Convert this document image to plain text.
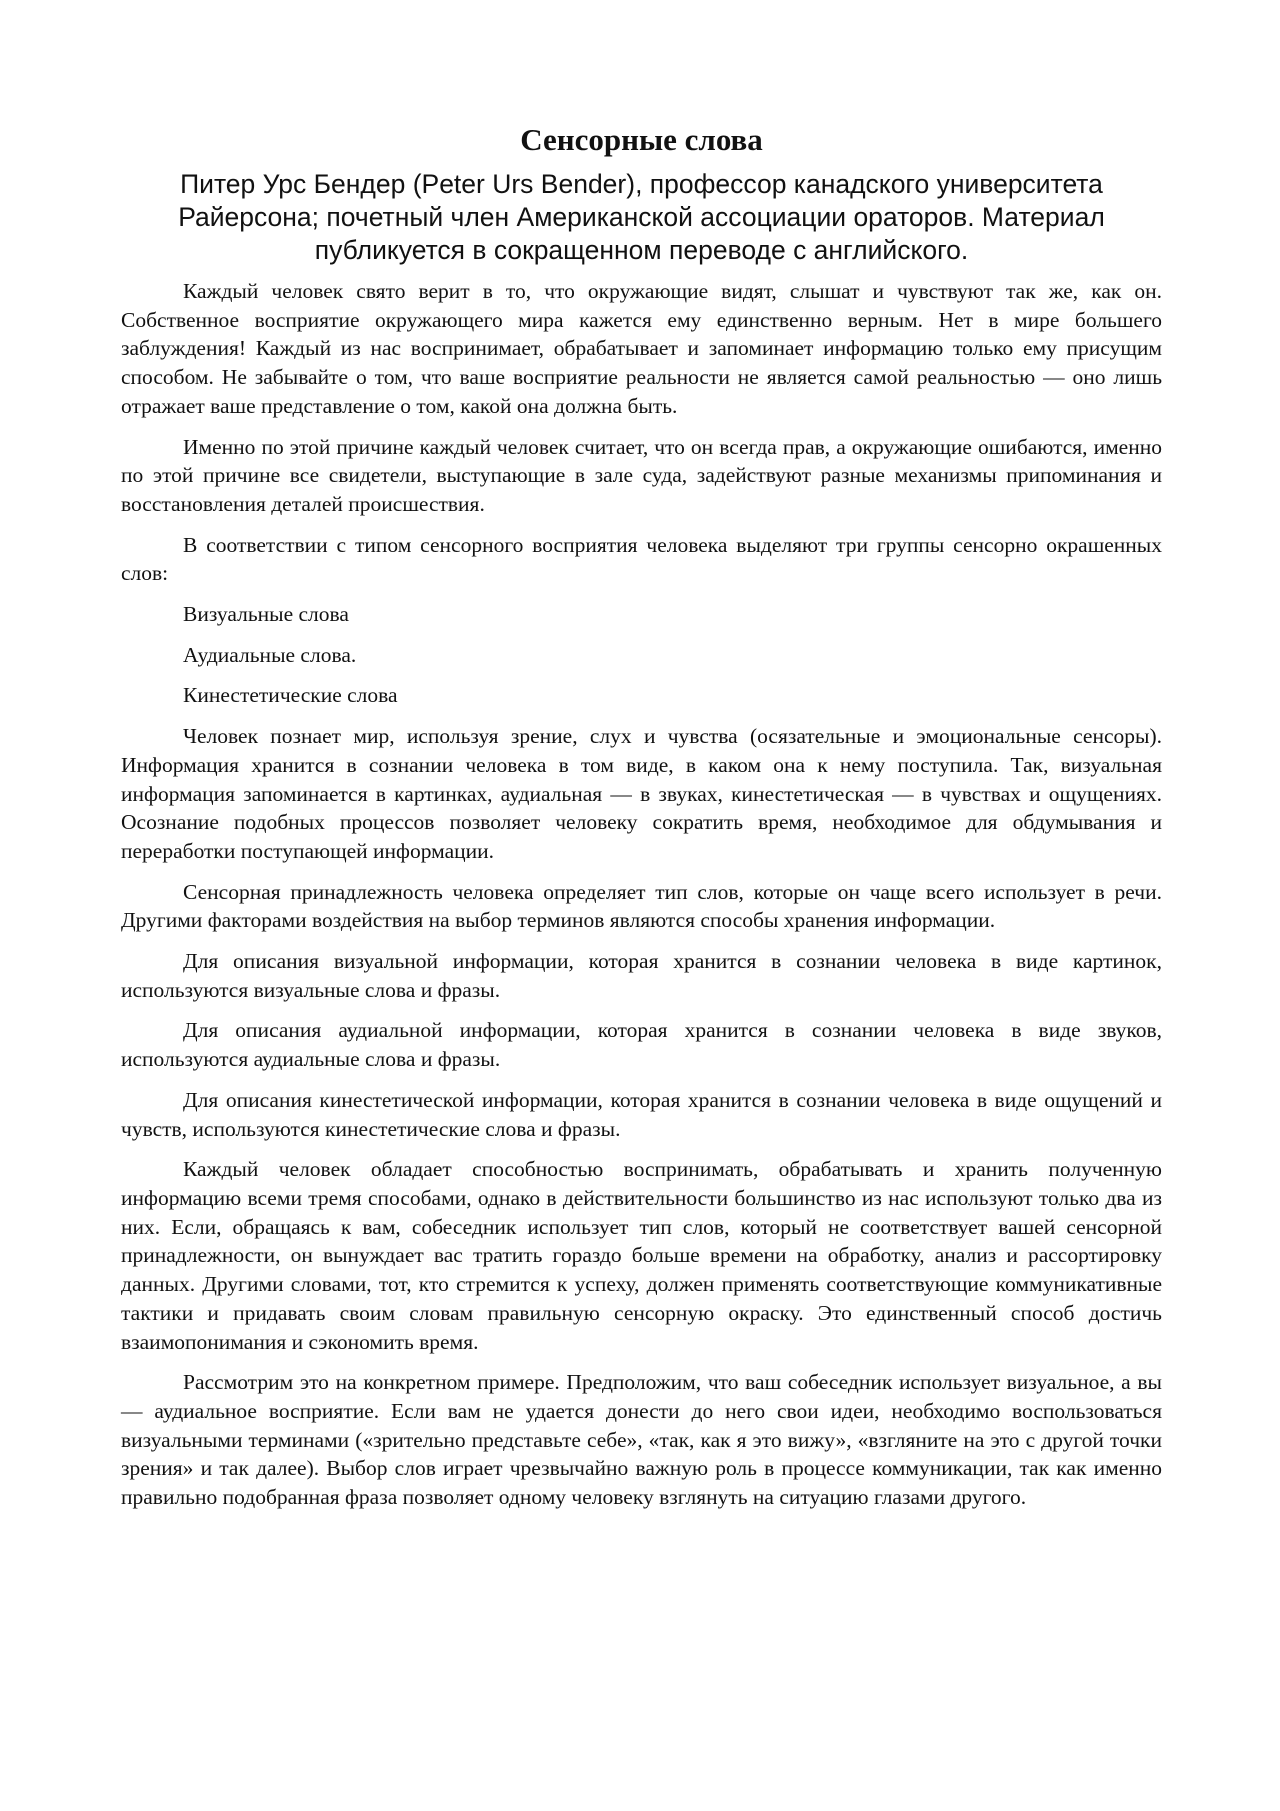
Сенсорные слова

Питер Урс Бендер (Peter Urs Bender), профессор канадского университета Райерсона; почетный член Американской ассоциации ораторов. Материал публикуется в сокращенном переводе с английского.

Каждый человек свято верит в то, что окружающие видят, слышат и чувствуют так же, как он. Собственное восприятие окружающего мира кажется ему единственно верным. Нет в мире большего заблуждения! Каждый из нас воспринимает, обрабатывает и запоминает информацию только ему присущим способом. Не забывайте о том, что ваше восприятие реальности не является самой реальностью — оно лишь отражает ваше представление о том, какой она должна быть.

Именно по этой причине каждый человек считает, что он всегда прав, а окружающие ошибаются, именно по этой причине все свидетели, выступающие в зале суда, задействуют разные механизмы припоминания и восстановления деталей происшествия.

В соответствии с типом сенсорного восприятия человека выделяют три группы сенсорно окрашенных слов:

Визуальные слова

Аудиальные слова.

Кинестетические слова

Человек познает мир, используя зрение, слух и чувства (осязательные и эмоциональные сенсоры). Информация хранится в сознании человека в том виде, в каком она к нему поступила. Так, визуальная информация запоминается в картинках, аудиальная — в звуках, кинестетическая — в чувствах и ощущениях. Осознание подобных процессов позволяет человеку сократить время, необходимое для обдумывания и переработки поступающей информации.

Сенсорная принадлежность человека определяет тип слов, которые он чаще всего использует в речи. Другими факторами воздействия на выбор терминов являются способы хранения информации.

Для описания визуальной информации, которая хранится в сознании человека в виде картинок, используются визуальные слова и фразы.

Для описания аудиальной информации, которая хранится в сознании человека в виде звуков, используются аудиальные слова и фразы.

Для описания кинестетической информации, которая хранится в сознании человека в виде ощущений и чувств, используются кинестетические слова и фразы.

Каждый человек обладает способностью воспринимать, обрабатывать и хранить полученную информацию всеми тремя способами, однако в действительности большинство из нас используют только два из них. Если, обращаясь к вам, собеседник использует тип слов, который не соответствует вашей сенсорной принадлежности, он вынуждает вас тратить гораздо больше времени на обработку, анализ и рассортировку данных. Другими словами, тот, кто стремится к успеху, должен применять соответствующие коммуникативные тактики и придавать своим словам правильную сенсорную окраску. Это единственный способ достичь взаимопонимания и сэкономить время.

Рассмотрим это на конкретном примере. Предположим, что ваш собеседник использует визуальное, а вы — аудиальное восприятие. Если вам не удается донести до него свои идеи, необходимо воспользоваться визуальными терминами («зрительно представьте себе», «так, как я это вижу», «взгляните на это с другой точки зрения» и так далее). Выбор слов играет чрезвычайно важную роль в процессе коммуникации, так как именно правильно подобранная фраза позволяет одному человеку взглянуть на ситуацию глазами другого.
